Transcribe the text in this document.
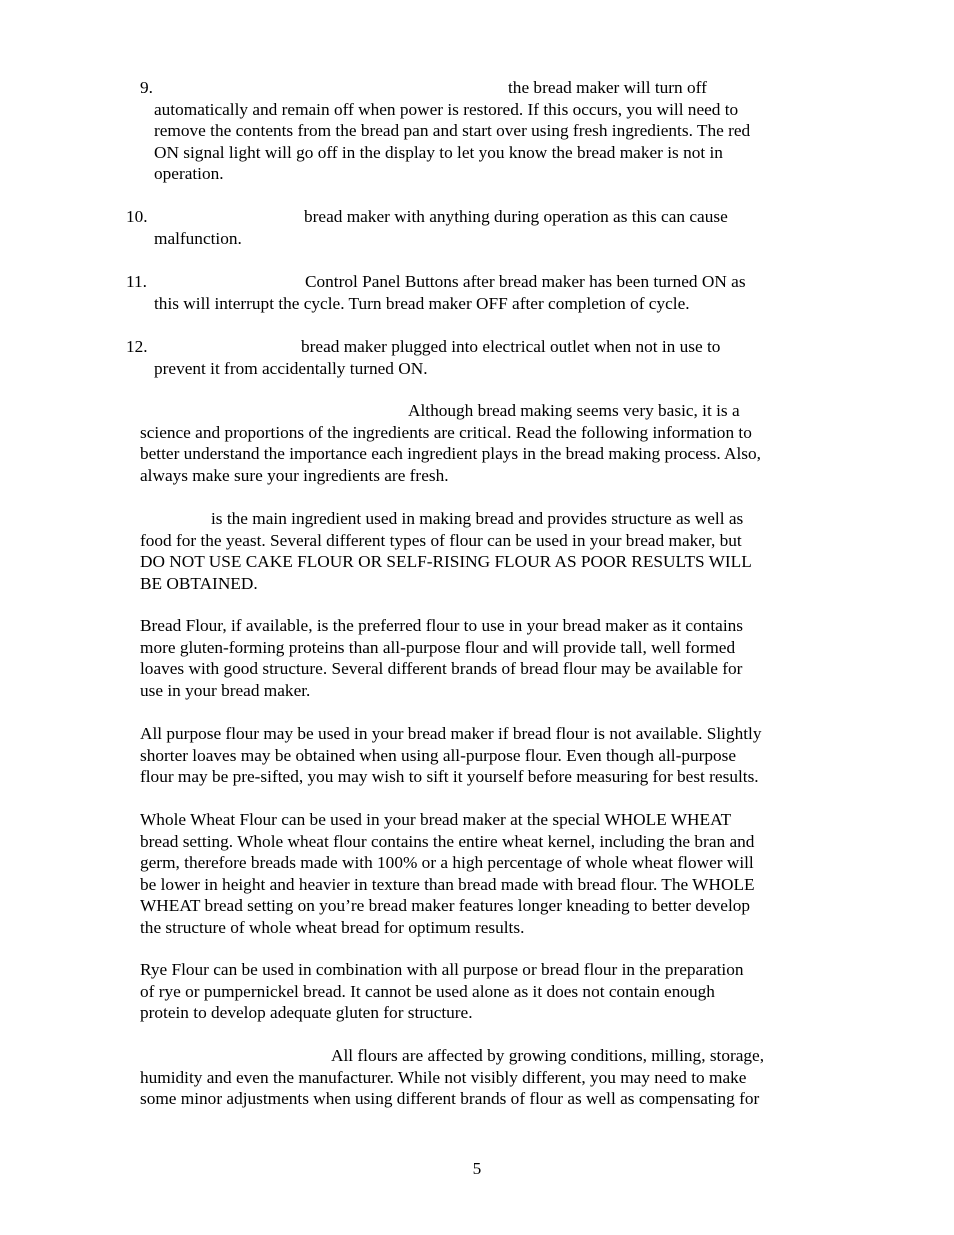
9.	the bread maker will turn off
automatically and remain off when power is restored. If this occurs, you will need to
remove the contents from the bread pan and start over using fresh ingredients. The red
ON signal light will go off in the display to let you know the bread maker is not in
operation.
10.	bread maker with anything during operation as this can cause
malfunction.
11.	Control Panel Buttons after bread maker has been turned ON as
this will interrupt the cycle. Turn bread maker OFF after completion of cycle.
12.	bread maker plugged into electrical outlet when not in use to
prevent it from accidentally turned ON.
Although bread making seems very basic, it is a
science and proportions of the ingredients are critical. Read the following information to
better understand the importance each ingredient plays in the bread making process. Also,
always make sure your ingredients are fresh.
is the main ingredient used in making bread and provides structure as well as
food for the yeast. Several different types of flour can be used in your bread maker, but
DO NOT USE CAKE FLOUR OR SELF-RISING FLOUR AS POOR RESULTS WILL
BE OBTAINED.
Bread Flour, if available, is the preferred flour to use in your bread maker as it contains
more gluten-forming proteins than all-purpose flour and will provide tall, well formed
loaves with good structure. Several different brands of bread flour may be available for
use in your bread maker.
All purpose flour may be used in your bread maker if bread flour is not available. Slightly
shorter loaves may be obtained when using all-purpose flour. Even though all-purpose
flour may be pre-sifted, you may wish to sift it yourself before measuring for best results.
Whole Wheat Flour can be used in your bread maker at the special WHOLE WHEAT
bread setting. Whole wheat flour contains the entire wheat kernel, including the bran and
germ, therefore breads made with 100% or a high percentage of whole wheat flower will
be lower in height and heavier in texture than bread made with bread flour. The WHOLE
WHEAT bread setting on you’re bread maker features longer kneading to better develop
the structure of whole wheat bread for optimum results.
Rye Flour can be used in combination with all purpose or bread flour in the preparation
of rye or pumpernickel bread. It cannot be used alone as it does not contain enough
protein to develop adequate gluten for structure.
All flours are affected by growing conditions, milling, storage,
humidity and even the manufacturer. While not visibly different, you may need to make
some minor adjustments when using different brands of flour as well as compensating for
5
